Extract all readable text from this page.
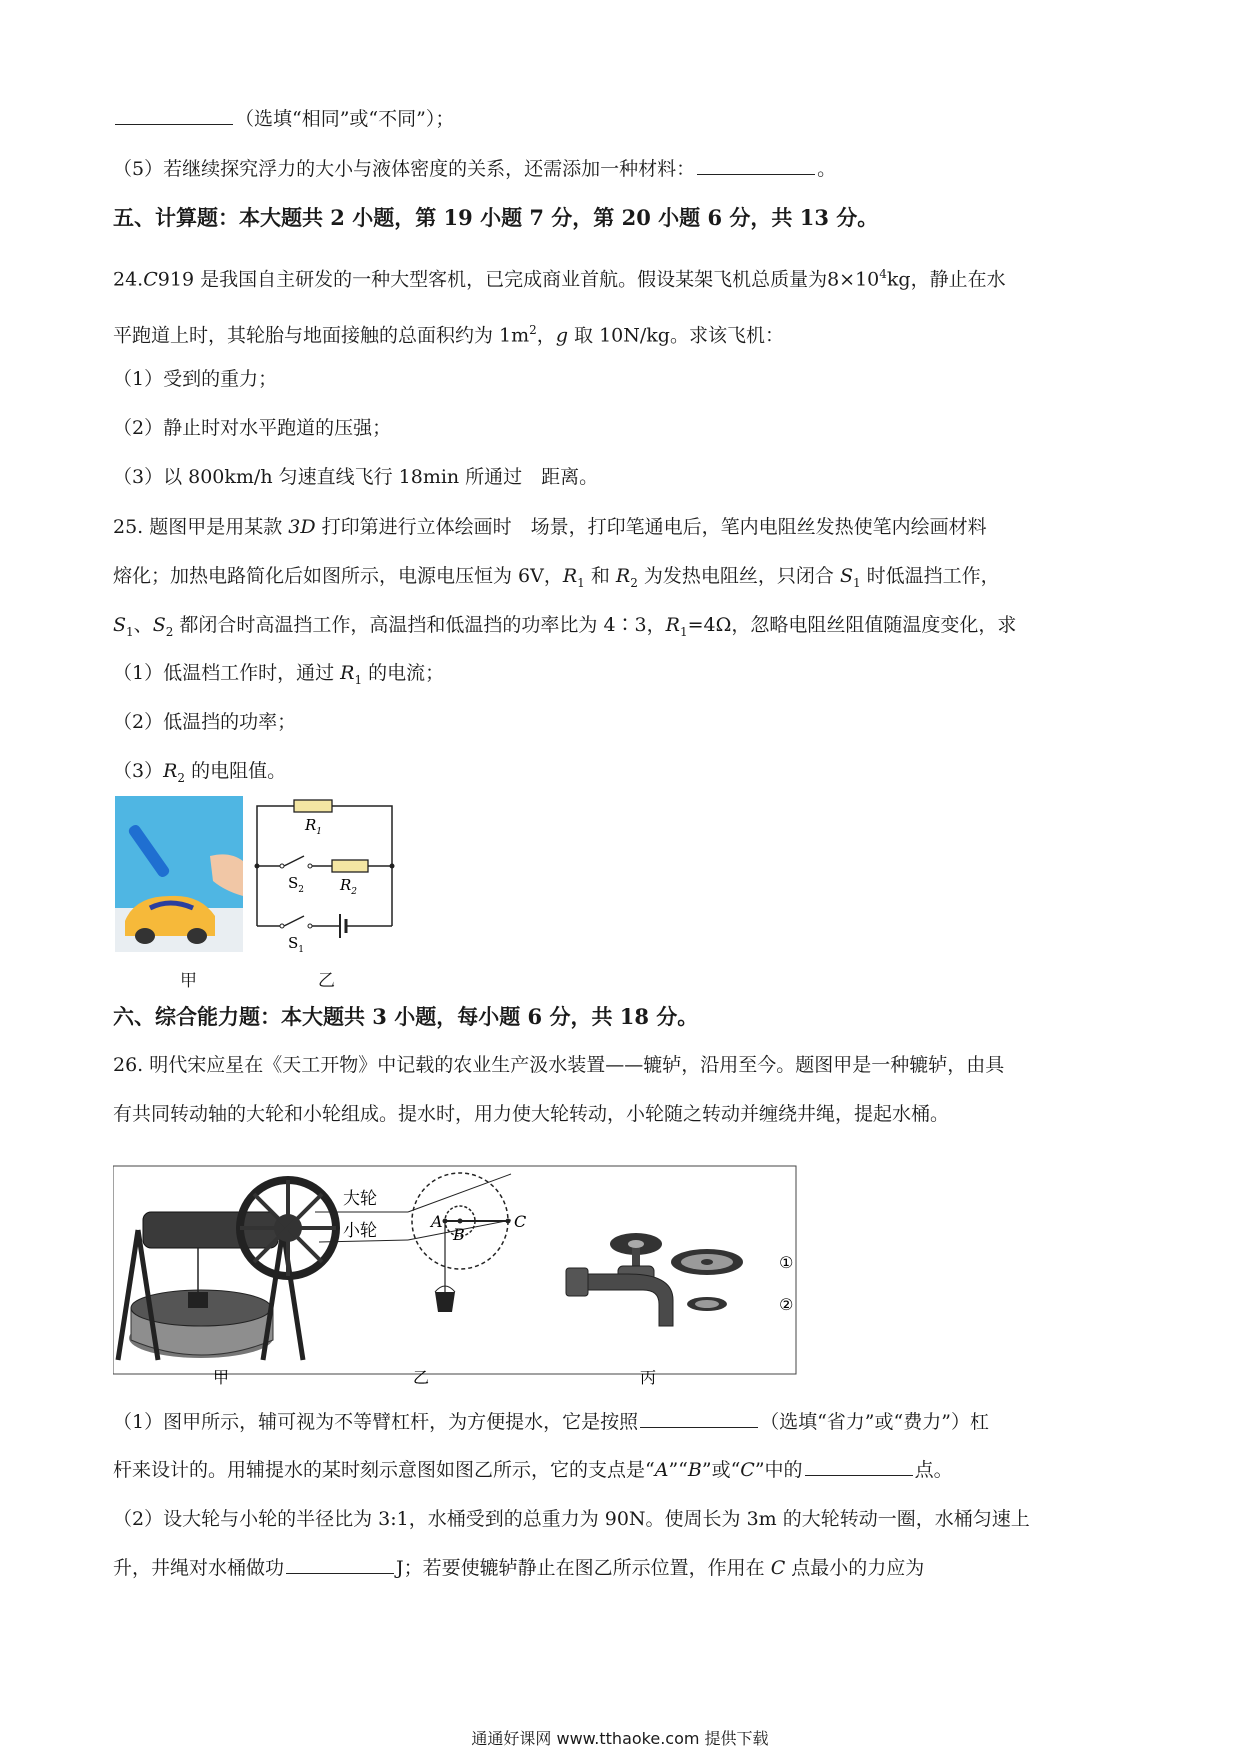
（选填“相同”或“不同”）；
（5）若继续探究浮力的大小与液体密度的关系，还需添加一种材料：	。
五、计算题：本大题共 2 小题，第 19 小题 7 分，第 20 小题 6 分，共 13 分。
24.C919 是我国自主研发的一种大型客机，已完成商业首航。假设某架飞机总质量为$8\times 10^4kg$，静止在水
平跑道上时，其轮胎与地面接触的总面积约为 $1m^2$，g 取 10N/kg。求该飞机：
（1）受到的重力；
（2）静止时对水平跑道的压强；
（3）以 800km/h 匀速直线飞行 18min 所通过　距离。
25. 题图甲是用某款 3D 打印第进行立体绘画时　场景，打印笔通电后，笔内电阻丝发热使笔内绘画材料
熔化；加热电路简化后如图所示，电源电压恒为 6V，$R_1$ 和 $R_2$ 为发热电阻丝，只闭合 $S_1$ 时低温挡工作，
$S_1$、$S_2$ 都闭合时高温挡工作，高温挡和低温挡的功率比为 4∶3，$R_1=4\Omega$，忽略电阻丝阻值随温度变化，求
（1）低温档工作时，通过 $R_1$ 的电流；
（2）低温挡的功率；
$(3)R_2$ 的电阻值。
$R_1$
$R_2$
$S_2$
$S_1$
甲	乙
六、综合能力题：本大题共 3 小题，每小题 6 分，共 18 分。
26. 明代宋应星在《天工开物》中记载的农业生产汲水装置——辘轳，沿用至今。题图甲是一种辘轳，由具
有共同转动轴的大轮和小轮组成。提水时，用力使大轮转动，小轮随之转动并缠绕井绳，提起水桶。
大轮
小轮	A
B
C
①
②
甲	乙	丙
（1）图甲所示，辅可视为不等臂杠杆，为方便提水，它是按照	（选填“省力”或“费力”）杠
杆来设计的。用辅提水的某时刻示意图如图乙所示，它的支点是“A”“B”或“C”中的	点。
（2）设大轮与小轮的半径比为 3:1，水桶受到的总重力为 90N。使周长为 3m 的大轮转动一圈，水桶匀速上
升，井绳对水桶做功	J；若要使辘轳静止在图乙所示位置，作用在 C 点最小的力应为
通通好课网 www.tthaoke.com 提供下载
